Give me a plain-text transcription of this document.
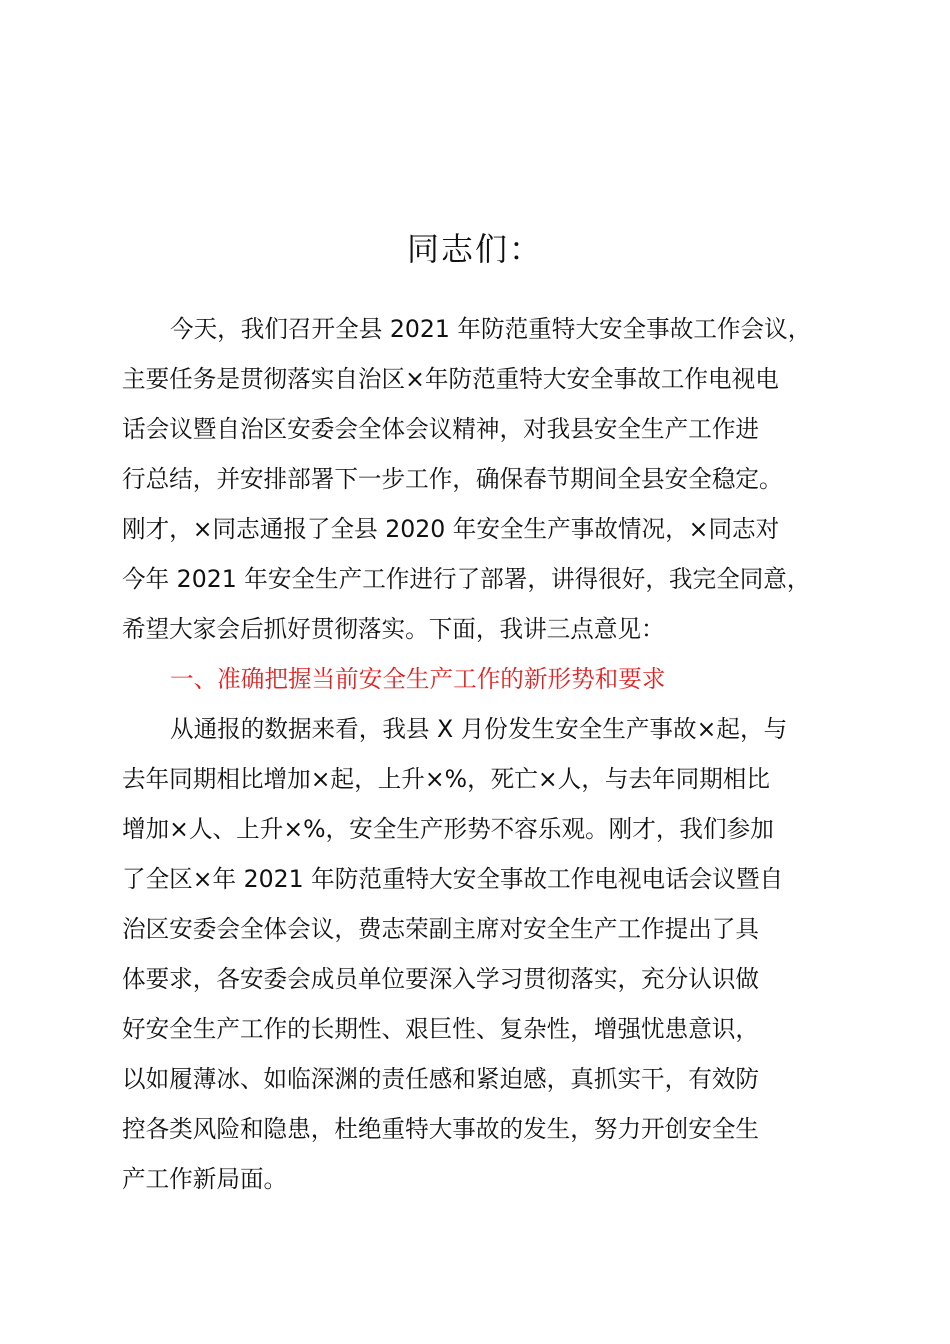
同志们：
今天，我们召开全县 2021 年防范重特大安全事故工作会议，
主要任务是贯彻落实自治区×年防范重特大安全事故工作电视电
话会议暨自治区安委会全体会议精神，对我县安全生产工作进
行总结，并安排部署下一步工作，确保春节期间全县安全稳定。
刚才，×同志通报了全县 2020 年安全生产事故情况，×同志对
今年 2021 年安全生产工作进行了部署，讲得很好，我完全同意，
希望大家会后抓好贯彻落实。下面，我讲三点意见：
一、准确把握当前安全生产工作的新形势和要求
从通报的数据来看，我县 X 月份发生安全生产事故×起，与
去年同期相比增加×起，上升×%，死亡×人，与去年同期相比
增加×人、上升×%，安全生产形势不容乐观。刚才，我们参加
了全区×年 2021 年防范重特大安全事故工作电视电话会议暨自
治区安委会全体会议，费志荣副主席对安全生产工作提出了具
体要求，各安委会成员单位要深入学习贯彻落实，充分认识做
好安全生产工作的长期性、艰巨性、复杂性，增强忧患意识，
以如履薄冰、如临深渊的责任感和紧迫感，真抓实干，有效防
控各类风险和隐患，杜绝重特大事故的发生，努力开创安全生
产工作新局面。
